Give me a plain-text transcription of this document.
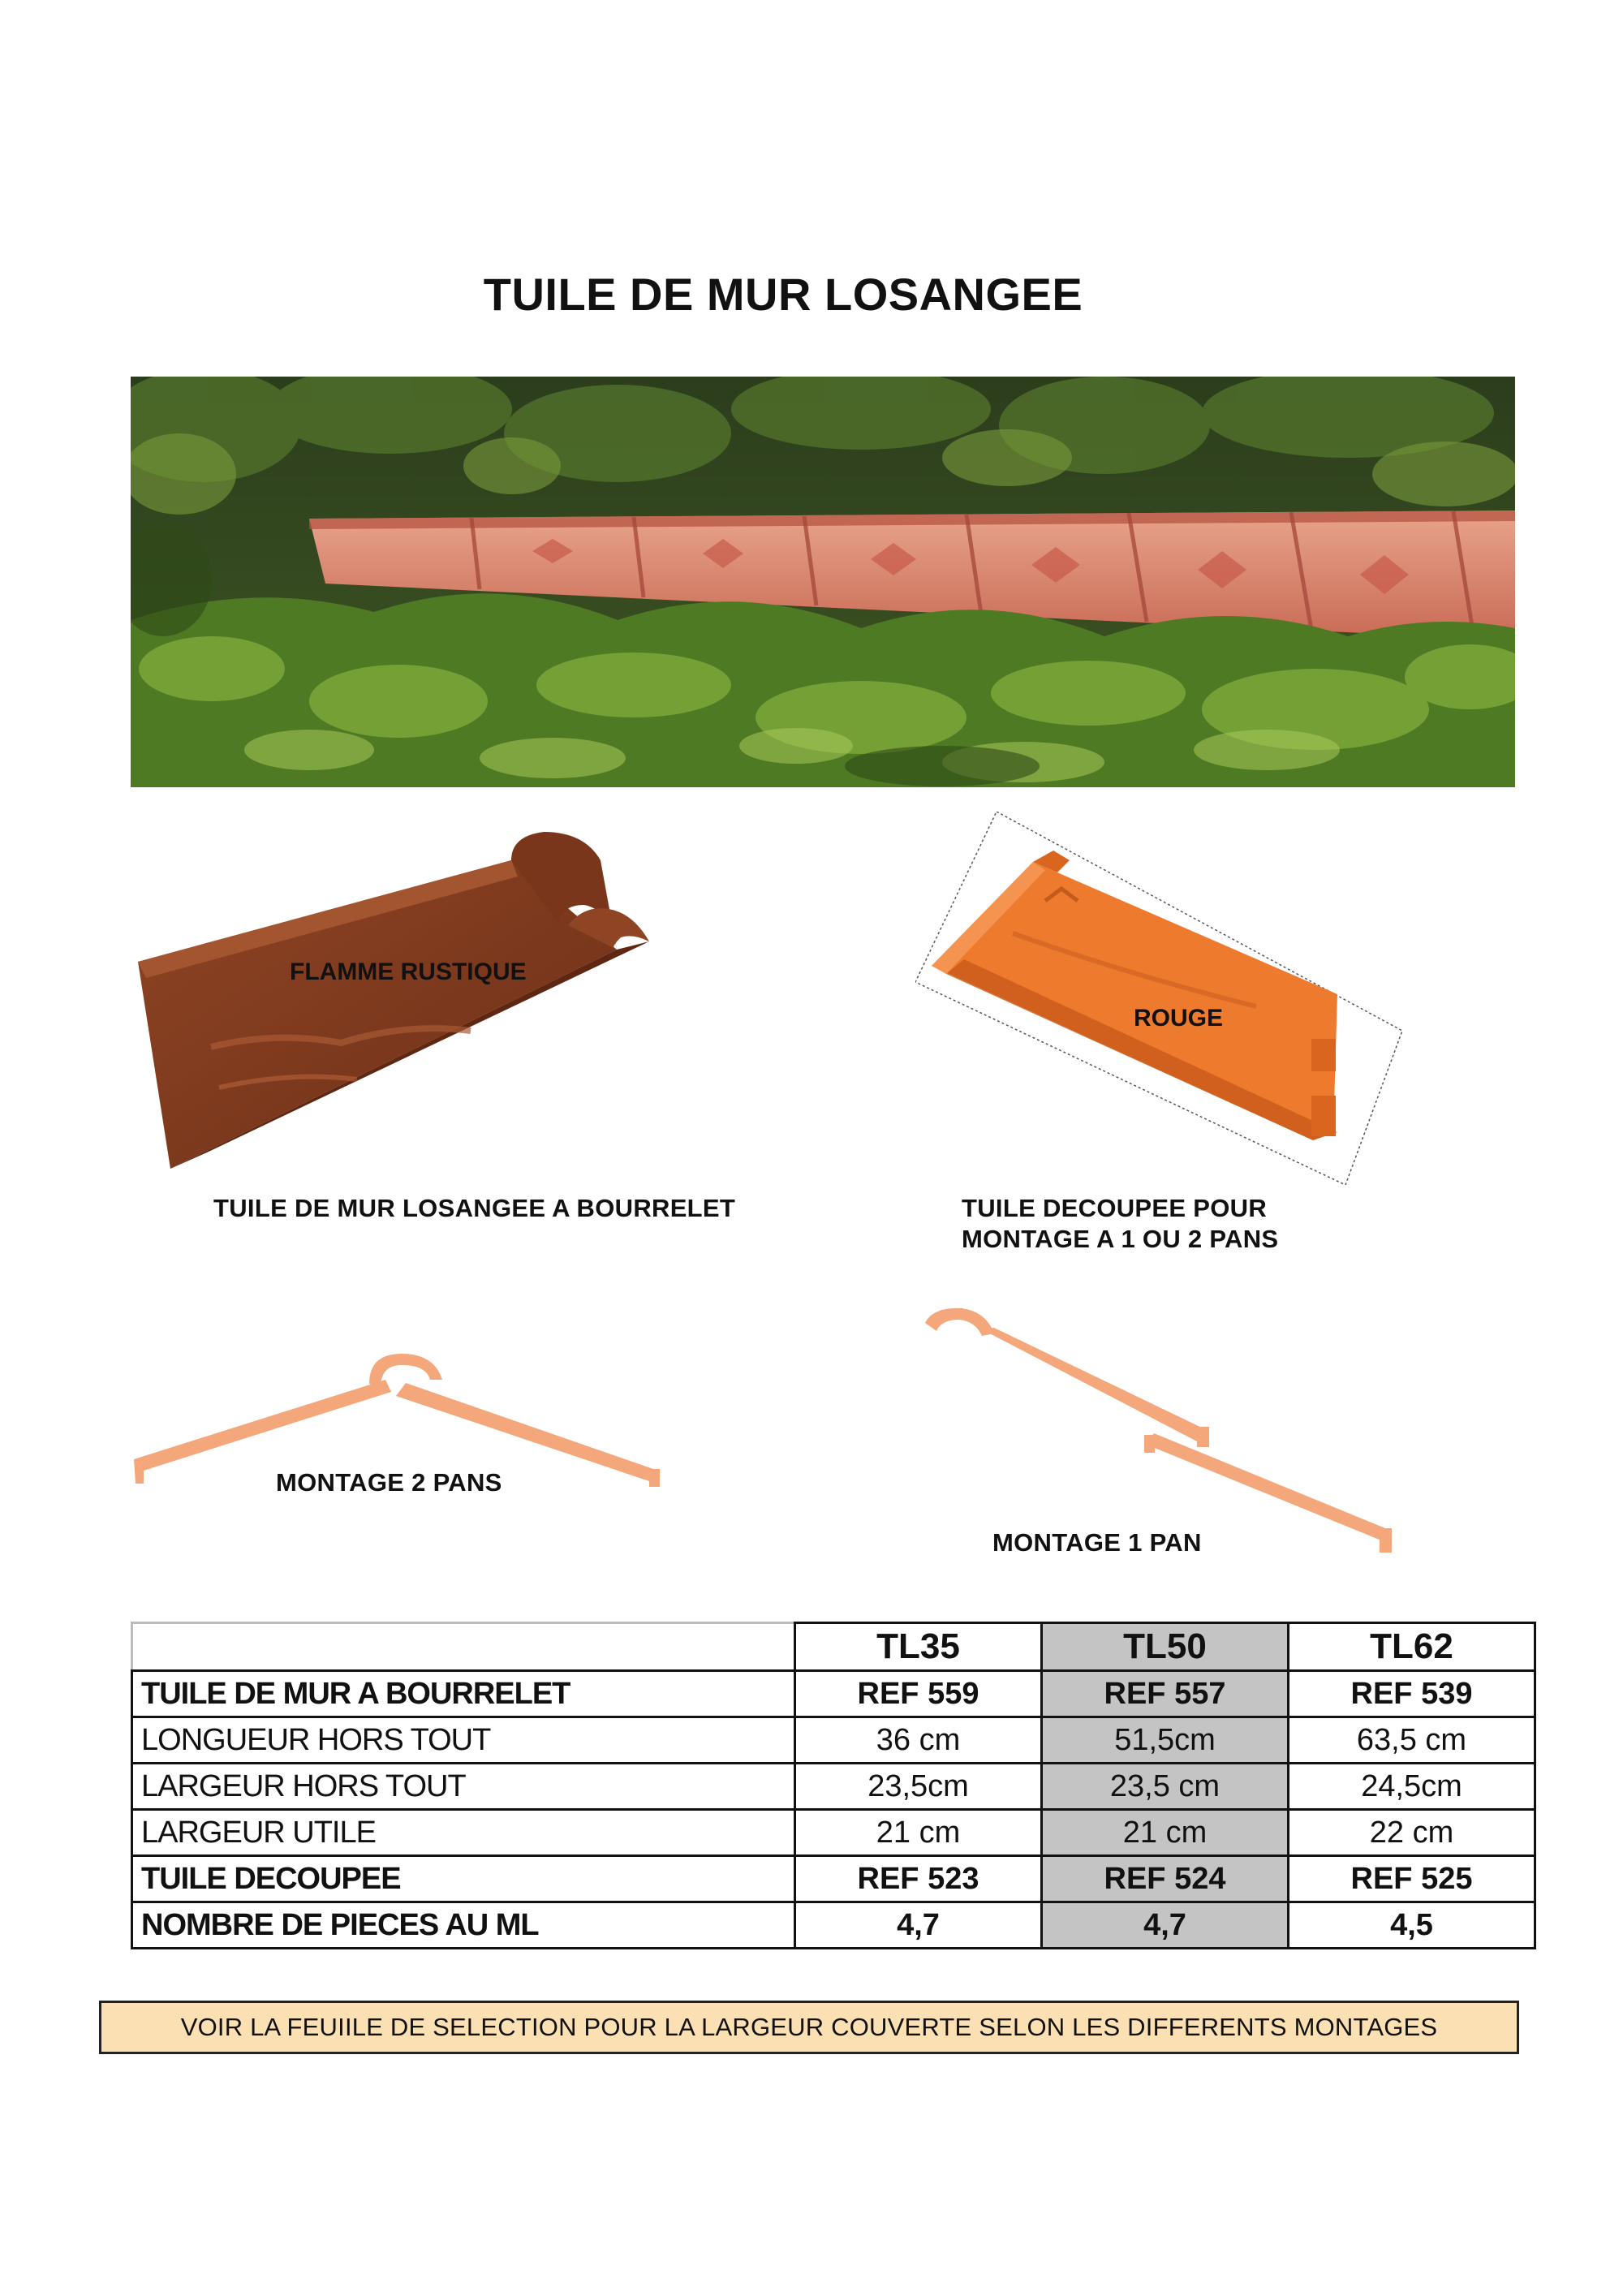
TUILE DE MUR LOSANGEE
FLAMME RUSTIQUE
TUILE DE MUR LOSANGEE A BOURRELET
ROUGE
TUILE DECOUPEE POUR
MONTAGE A 1 OU 2 PANS
MONTAGE 2 PANS
MONTAGE 1 PAN
	TL35	TL50	TL62
TUILE DE MUR A BOURRELET	REF 559	REF 557	REF 539
LONGUEUR HORS TOUT	36 cm	51,5cm	63,5 cm
LARGEUR HORS TOUT	23,5cm	23,5 cm	24,5cm
LARGEUR UTILE	21 cm	21 cm	22 cm
TUILE DECOUPEE	REF 523	REF 524	REF 525
NOMBRE DE PIECES AU ML	4,7	4,7	4,5
VOIR LA FEUIILE DE SELECTION POUR LA LARGEUR COUVERTE SELON LES DIFFERENTS MONTAGES
